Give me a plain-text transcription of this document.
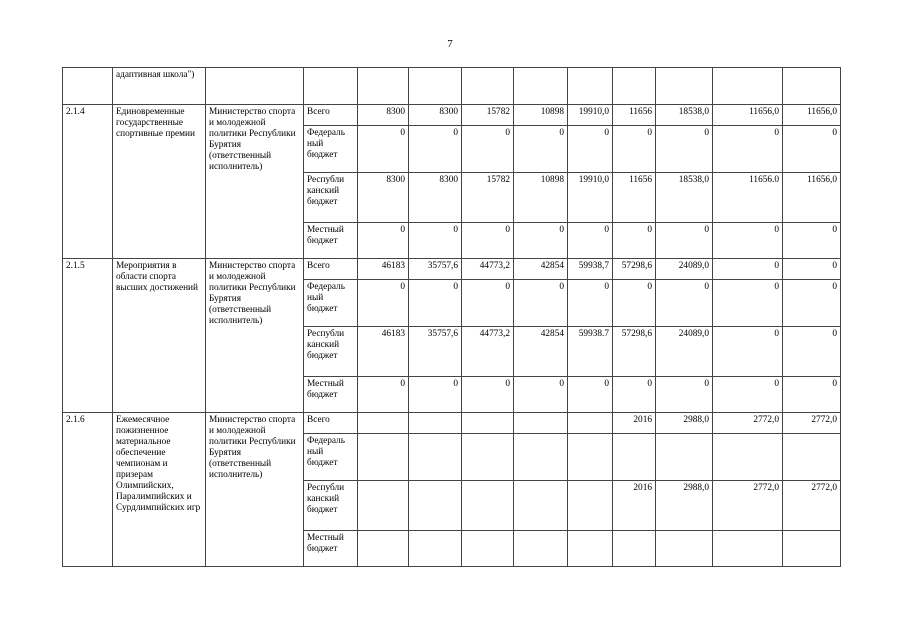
7
	адаптивная школа")											
2.1.4	Единовременные государственные спортивные премии	Министерство спорта и молодежной политики Республики Бурятия (ответственный исполнитель)	Всего	8300	8300	15782	10898	19910,0	11656	18538,0	11656,0	11656,0
			Федераль ный бюджет	0	0	0	0	0	0	0	0	0
			Республи канский бюджет	8300	8300	15782	10898	19910,0	11656	18538,0	11656.0	11656,0
			Местный бюджет	0	0	0	0	0	0	0	0	0
2.1.5	Мероприятия в области спорта высших достижений	Министерство спорта и молодежной политики Республики Бурятия (ответственный исполнитель)	Всего	46183	35757,6	44773,2	42854	59938,7	57298,6	24089,0	0	0
			Федераль ный бюджет	0	0	0	0	0	0	0	0	0
			Республи канский бюджет	46183	35757,6	44773,2	42854	59938.7	57298,6	24089,0	0	0
			Местный бюджет	0	0	0	0	0	0	0	0	0
2.1.6	Ежемесячное пожизненное материальное обеспечение чемпионам и призерам Олимпийских, Паралимпийских и Сурдлимпийских игр	Министерство спорта и молодежной политики Республики Бурятия (ответственный исполнитель)	Всего						2016	2988,0	2772,0	2772,0
			Федераль ный бюджет									
			Республи канский бюджет						2016	2988,0	2772,0	2772,0
			Местный бюджет									
